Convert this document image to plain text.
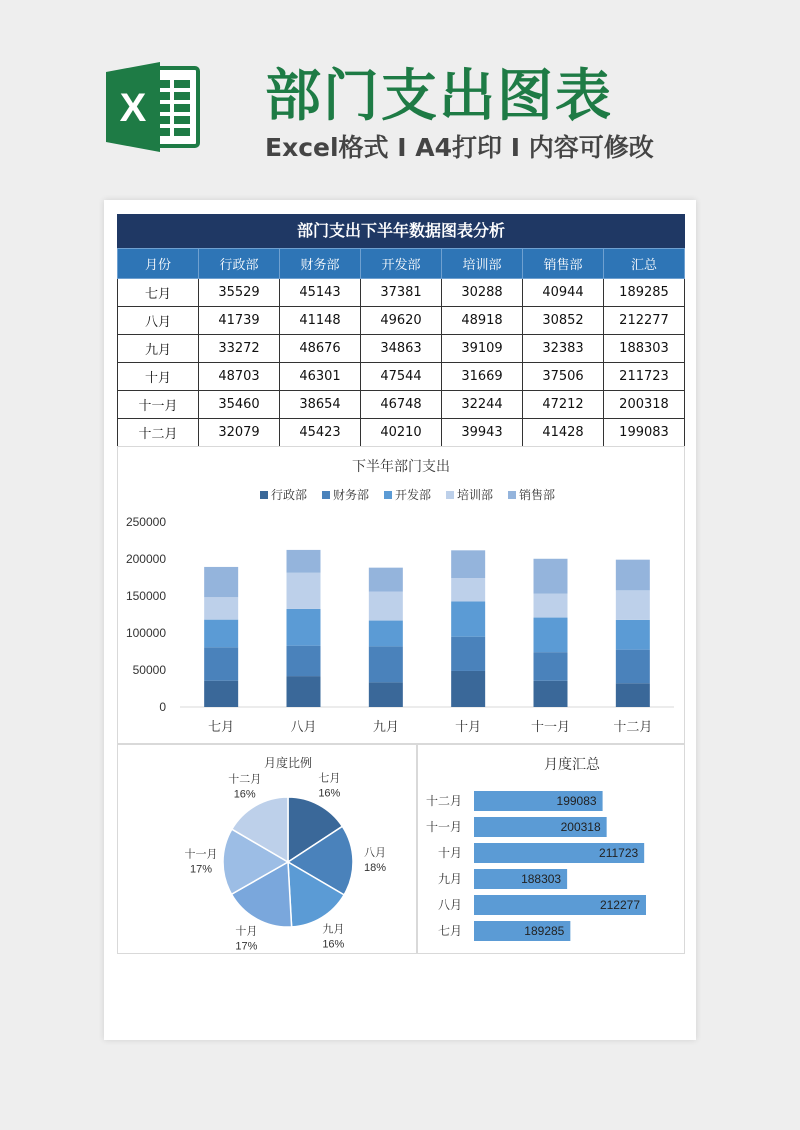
X 部门支出图表
Excel格式 I A4打印 I 内容可修改
部门支出下半年数据图表分析
月份	行政部	财务部	开发部	培训部	销售部	汇总
七月	35529	45143	37381	30288	40944	189285
八月	41739	41148	49620	48918	30852	212277
九月	33272	48676	34863	39109	32383	188303
十月	48703	46301	47544	31669	37506	211723
十一月	35460	38654	46748	32244	47212	200318
十二月	32079	45423	40210	39943	41428	199083
下半年部门支出
行政部 财务部 开发部 培训部 销售部
0
50000
100000
150000
200000
250000
七月	八月	九月	十月	十一月	十二月
月度比例
七月
16%
八月
18%
九月
16%
十月
17%
十一月
17%
十二月
16%
月度汇总
十二月	199083
十一月	200318
十月	211723
九月	188303
八月	212277
七月	189285
